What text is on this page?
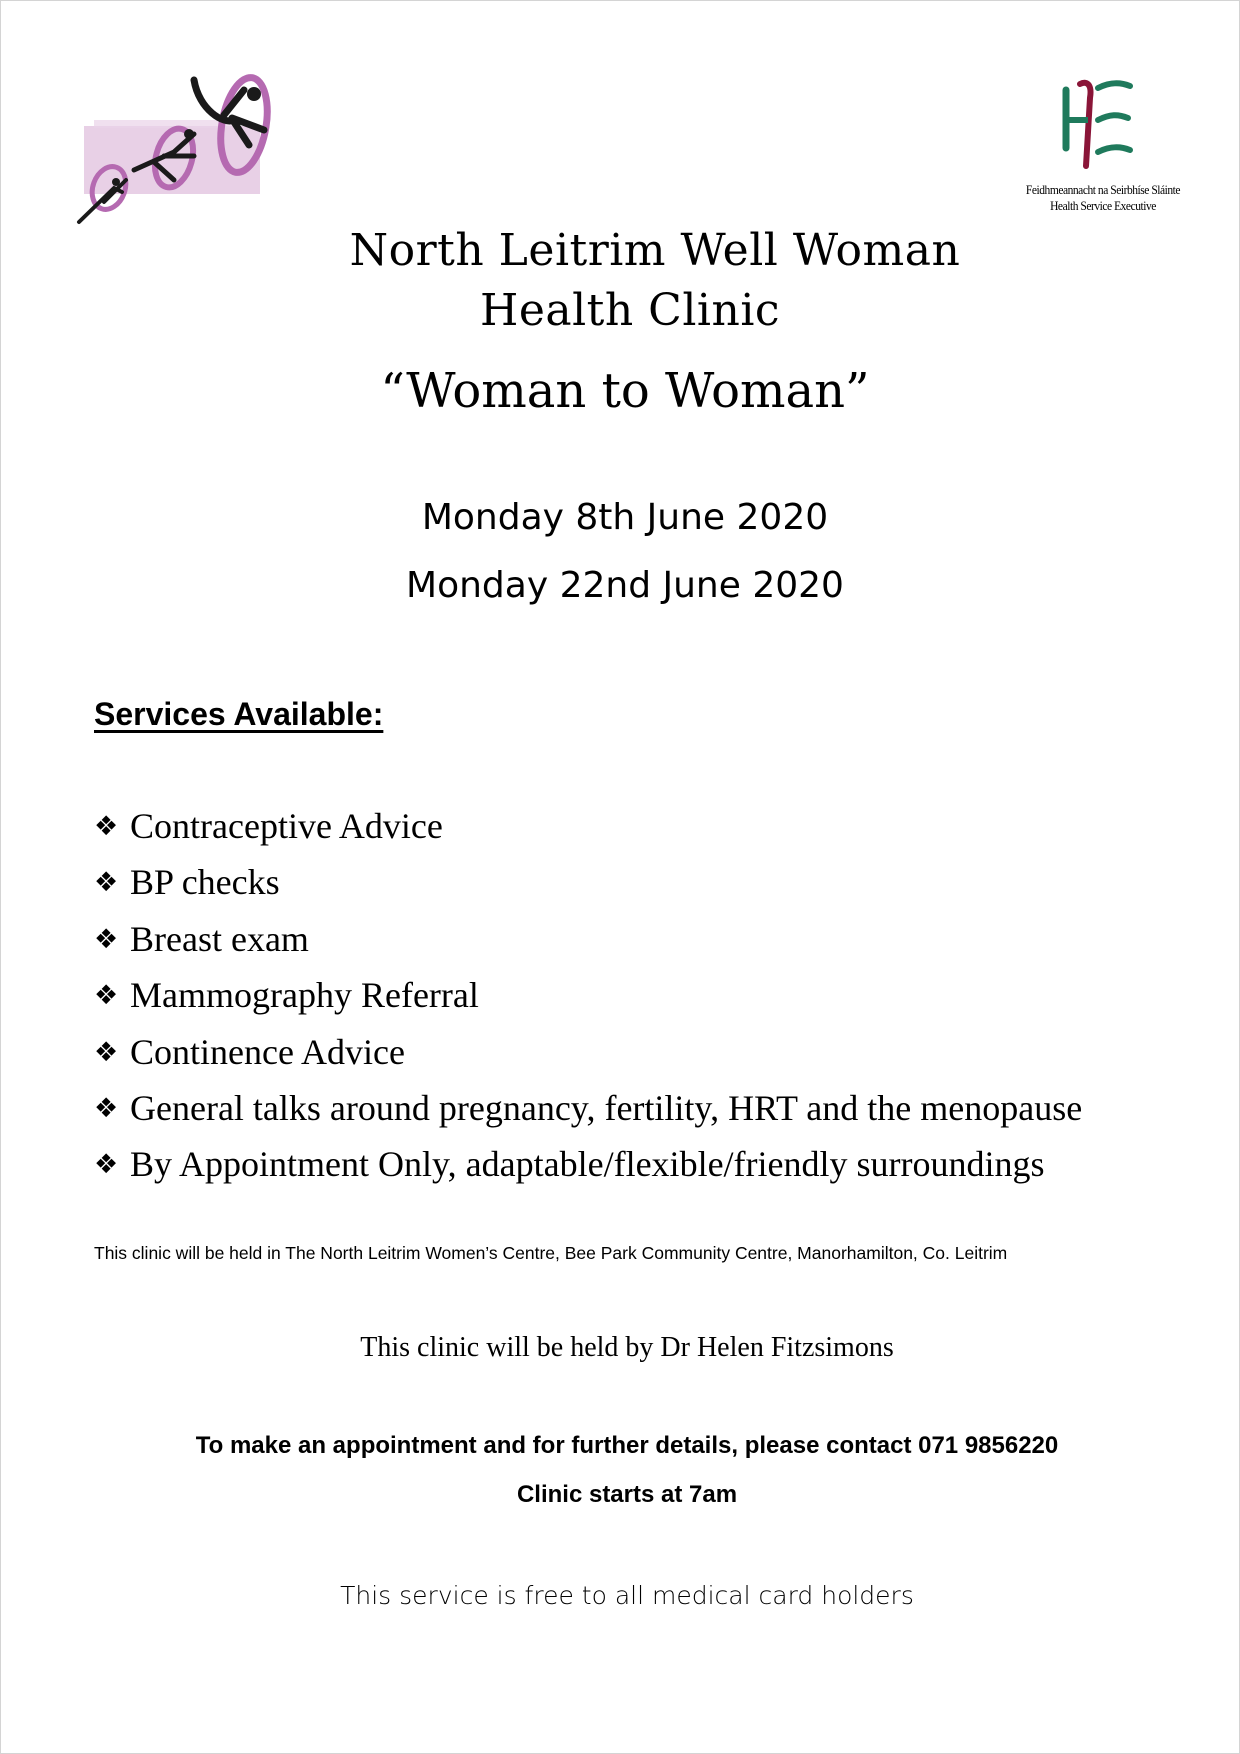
Feidhmeannacht na Seirbhíse Sláinte
Health Service Executive
North Leitrim Well Woman
Health Clinic
“Woman to Woman”
Monday 8th June 2020
Monday 22nd June 2020
Services Available:
❖ Contraceptive Advice
❖ BP checks
❖ Breast exam
❖ Mammography Referral
❖ Continence Advice
❖ General talks around pregnancy, fertility, HRT and the menopause
❖ By Appointment Only, adaptable/flexible/friendly surroundings
This clinic will be held in The North Leitrim Women’s Centre, Bee Park Community Centre, Manorhamilton, Co. Leitrim
This clinic will be held by Dr Helen Fitzsimons
To make an appointment and for further details, please contact 071 9856220
Clinic starts at 7am
This service is free to all medical card holders
